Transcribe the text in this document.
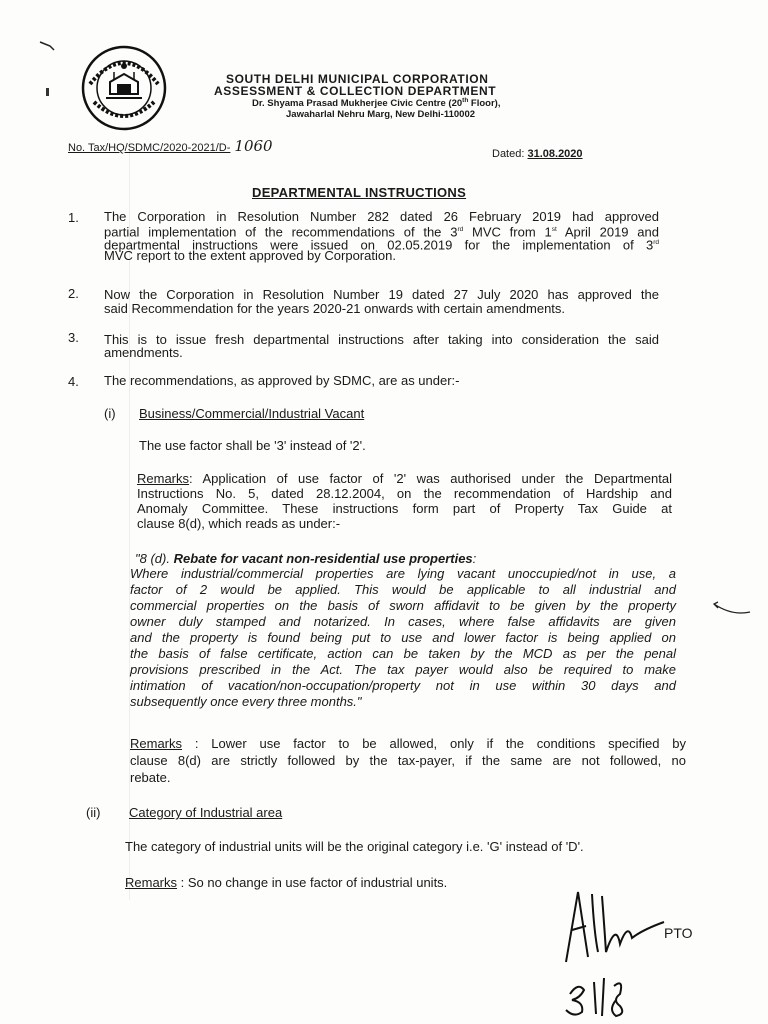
SOUTH DELHI MUNICIPAL CORPORATION
ASSESSMENT & COLLECTION DEPARTMENT
Dr. Shyama Prasad Mukherjee Civic Centre (20th Floor),
Jawaharlal Nehru Marg, New Delhi-110002
No. Tax/HQ/SDMC/2020-2021/D- 1060	Dated: 31.08.2020
DEPARTMENTAL INSTRUCTIONS
1. The Corporation in Resolution Number 282 dated 26 February 2019 had approved
partial implementation of the recommendations of the 3rd MVC from 1st April 2019 and
departmental instructions were issued on 02.05.2019 for the implementation of 3rd
MVC report to the extent approved by Corporation.
2. Now the Corporation in Resolution Number 19 dated 27 July 2020 has approved the
said Recommendation for the years 2020-21 onwards with certain amendments.
3. This is to issue fresh departmental instructions after taking into consideration the said
amendments.
4. The recommendations, as approved by SDMC, are as under:-
(i) Business/Commercial/Industrial Vacant
The use factor shall be '3' instead of '2'.
Remarks: Application of use factor of '2' was authorised under the Departmental
Instructions No. 5, dated 28.12.2004, on the recommendation of Hardship and
Anomaly Committee. These instructions form part of Property Tax Guide at
clause 8(d), which reads as under:-
"8 (d). Rebate for vacant non-residential use properties:
Where industrial/commercial properties are lying vacant unoccupied/not in use, a
factor of 2 would be applied. This would be applicable to all industrial and
commercial properties on the basis of sworn affidavit to be given by the property
owner duly stamped and notarized. In cases, where false affidavits are given
and the property is found being put to use and lower factor is being applied on
the basis of false certificate, action can be taken by the MCD as per the penal
provisions prescribed in the Act. The tax payer would also be required to make
intimation of vacation/non-occupation/property not in use within 30 days and
subsequently once every three months."
Remarks : Lower use factor to be allowed, only if the conditions specified by
clause 8(d) are strictly followed by the tax-payer, if the same are not followed, no
rebate.
(ii) Category of Industrial area
The category of industrial units will be the original category i.e. 'G' instead of 'D'.
Remarks : So no change in use factor of industrial units.
PTO
